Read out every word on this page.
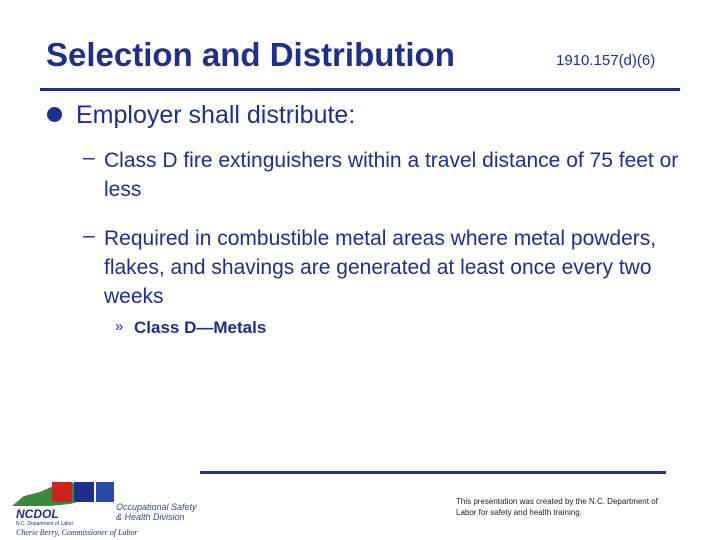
Selection and Distribution	1910.157(d)(6)
Employer shall distribute:
– Class D fire extinguishers within a travel distance of 75 feet or less
– Required in combustible metal areas where metal powders, flakes, and shavings are generated at least once every two weeks
» Class D—Metals
NCDOL
N.C. Department of Labor
Occupational Safety
& Health Division
Cherie Berry, Commissioner of Labor
This presentation was created by the N.C. Department of Labor for safety and health training.
